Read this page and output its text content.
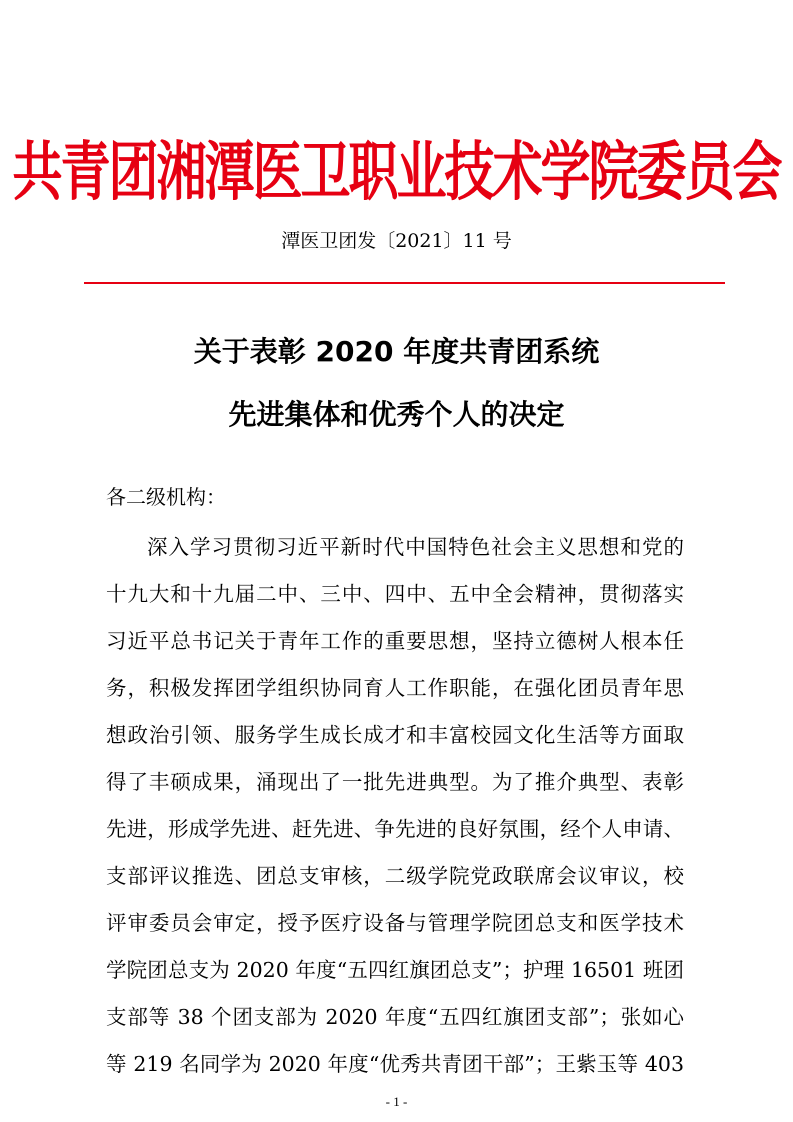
共青团湘潭医卫职业技术学院委员会
潭医卫团发〔2021〕11 号
关于表彰 2020 年度共青团系统
先进集体和优秀个人的决定
各二级机构：
深入学习贯彻习近平新时代中国特色社会主义思想和党的
十九大和十九届二中、三中、四中、五中全会精神，贯彻落实
习近平总书记关于青年工作的重要思想，坚持立德树人根本任
务，积极发挥团学组织协同育人工作职能，在强化团员青年思
想政治引领、服务学生成长成才和丰富校园文化生活等方面取
得了丰硕成果，涌现出了一批先进典型。为了推介典型、表彰
先进，形成学先进、赶先进、争先进的良好氛围，经个人申请、
支部评议推选、团总支审核，二级学院党政联席会议审议，校
评审委员会审定，授予医疗设备与管理学院团总支和医学技术
学院团总支为 2020 年度“五四红旗团总支”；护理 16501 班团
支部等 38 个团支部为 2020 年度“五四红旗团支部”；张如心
等 219 名同学为 2020 年度“优秀共青团干部”；王紫玉等 403
- 1 -
